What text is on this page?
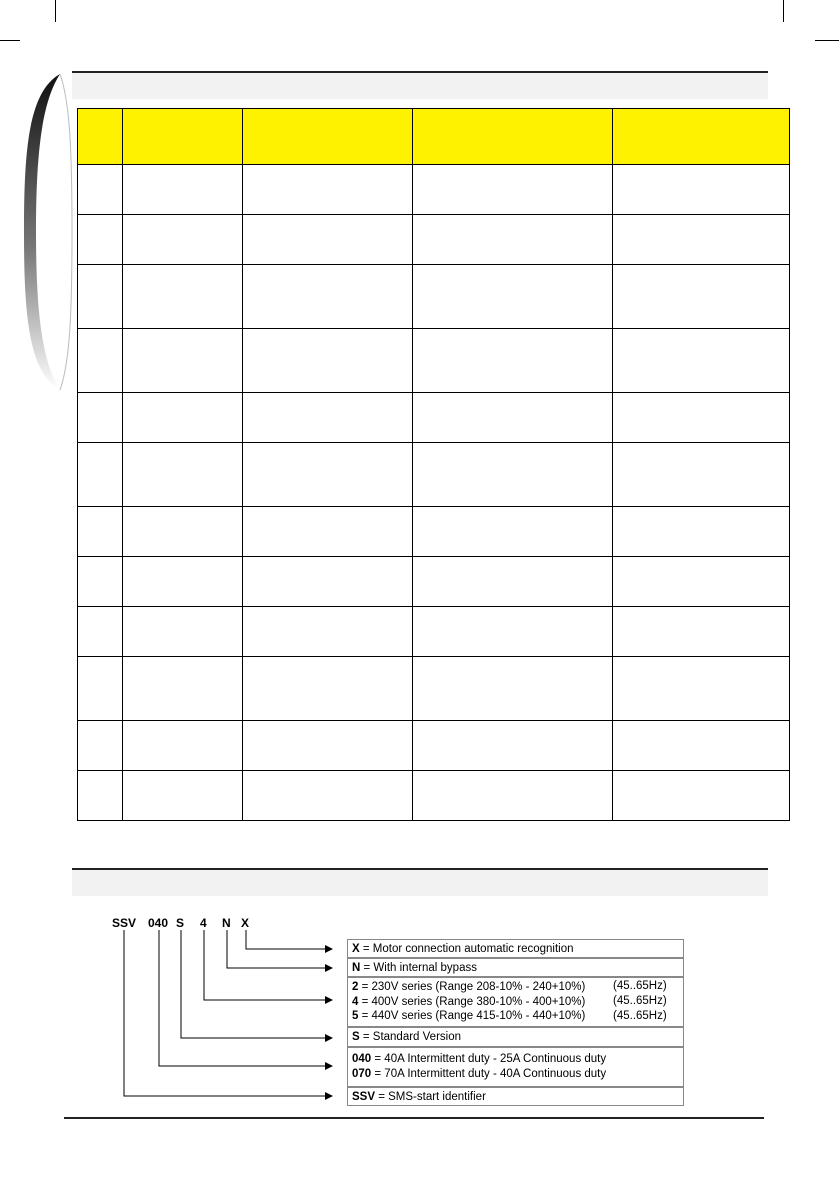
SSV 040 S 4 N X
X = Motor connection automatic recognition
N = With internal bypass
2 = 230V series (Range 208-10% - 240+10%)
4 = 400V series (Range 380-10% - 400+10%)
5 = 440V series (Range 415-10% - 440+10%)
(45..65Hz)
(45..65Hz)
(45..65Hz)
S = Standard Version
040 = 40A Intermittent duty - 25A Continuous duty
070 = 70A Intermittent duty - 40A Continuous duty
SSV = SMS-start identifier
